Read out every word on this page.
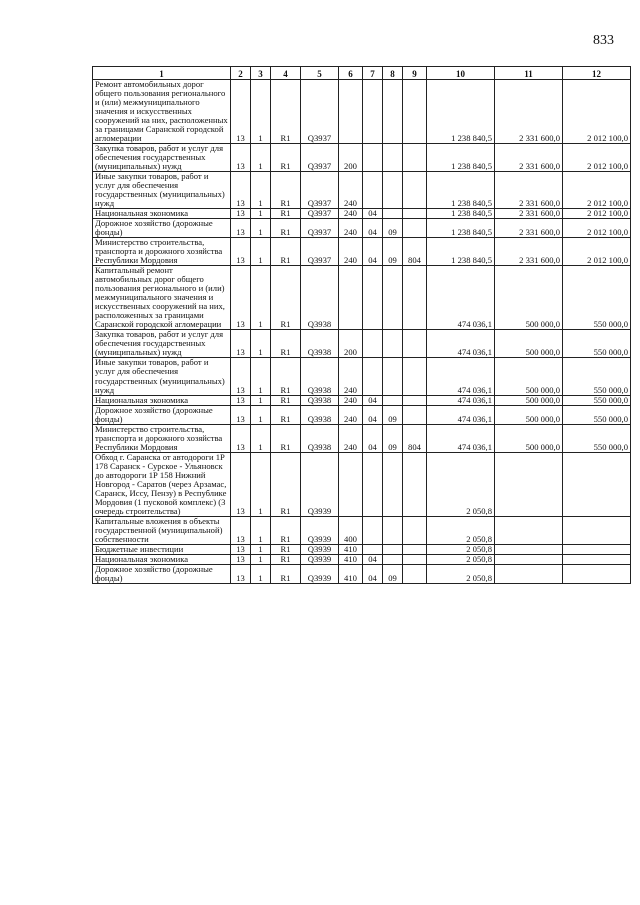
833
1	2	3	4	5	6	7	8	9	10	11	12
Ремонт автомобильных дорог общего пользования регионального и (или) межмуниципального значения и искусственных сооружений на них, расположенных за границами Саранской городской агломерации	13	1	R1	Q3937					1 238 840,5	2 331 600,0	2 012 100,0
Закупка товаров, работ и услуг для обеспечения государственных (муниципальных) нужд	13	1	R1	Q3937	200				1 238 840,5	2 331 600,0	2 012 100,0
Иные закупки товаров, работ и услуг для обеспечения государственных (муниципальных) нужд	13	1	R1	Q3937	240				1 238 840,5	2 331 600,0	2 012 100,0
Национальная экономика	13	1	R1	Q3937	240	04			1 238 840,5	2 331 600,0	2 012 100,0
Дорожное хозяйство (дорожные фонды)	13	1	R1	Q3937	240	04	09		1 238 840,5	2 331 600,0	2 012 100,0
Министерство строительства, транспорта и дорожного хозяйства Республики Мордовия	13	1	R1	Q3937	240	04	09	804	1 238 840,5	2 331 600,0	2 012 100,0
Капитальный ремонт автомобильных дорог общего пользования регионального и (или) межмуниципального значения и искусственных сооружений на них, расположенных за границами Саранской городской агломерации	13	1	R1	Q3938					474 036,1	500 000,0	550 000,0
Закупка товаров, работ и услуг для обеспечения государственных (муниципальных) нужд	13	1	R1	Q3938	200				474 036,1	500 000,0	550 000,0
Иные закупки товаров, работ и услуг для обеспечения государственных (муниципальных) нужд	13	1	R1	Q3938	240				474 036,1	500 000,0	550 000,0
Национальная экономика	13	1	R1	Q3938	240	04			474 036,1	500 000,0	550 000,0
Дорожное хозяйство (дорожные фонды)	13	1	R1	Q3938	240	04	09		474 036,1	500 000,0	550 000,0
Министерство строительства, транспорта и дорожного хозяйства Республики Мордовия	13	1	R1	Q3938	240	04	09	804	474 036,1	500 000,0	550 000,0
Обход г. Саранска от автодороги 1Р 178 Саранск - Сурское - Ульяновск до автодороги 1Р 158 Нижний Новгород - Саратов (через Арзамас, Саранск, Иссу, Пензу) в Республике Мордовия (1 пусковой комплекс) (3 очередь строительства)	13	1	R1	Q3939					2 050,8		
Капитальные вложения в объекты государственной (муниципальной) собственности	13	1	R1	Q3939	400				2 050,8		
Бюджетные инвестиции	13	1	R1	Q3939	410				2 050,8		
Национальная экономика	13	1	R1	Q3939	410	04			2 050,8		
Дорожное хозяйство (дорожные фонды)	13	1	R1	Q3939	410	04	09		2 050,8		
